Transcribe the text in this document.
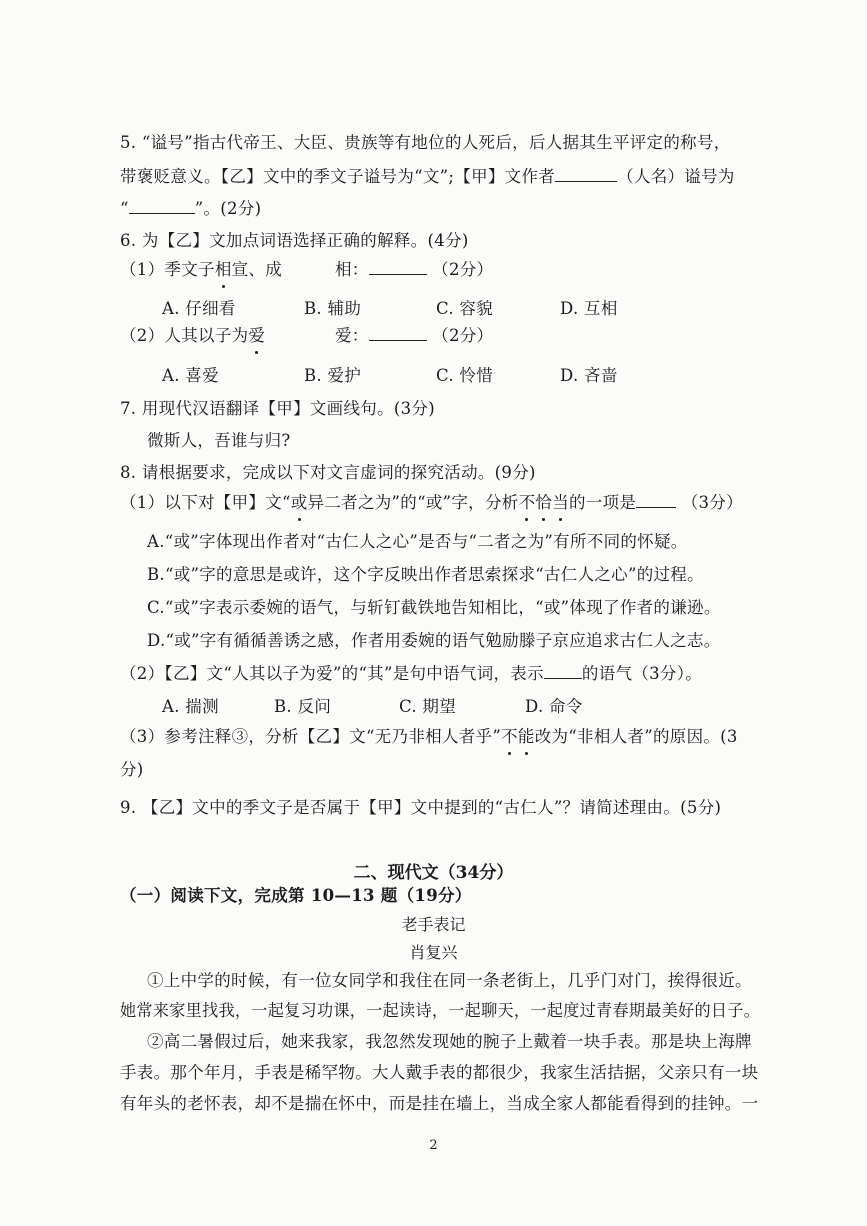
5. “谥号”指古代帝王、大臣、贵族等有地位的人死后，后人据其生平评定的称号，
带褒贬意义。【乙】文中的季文子谥号为“文”;【甲】文作者	（人名）谥号为
“	”。(2分)
6. 为【乙】文加点词语选择正确的解释。(4分)
（1）季文子相宣、成	相：	（2分）
A. 仔细看	B. 辅助	C. 容貌	D. 互相
（2）人其以子为爱	爱：	（2分）
A. 喜爱	B. 爱护	C. 怜惜	D. 吝啬
7. 用现代汉语翻译【甲】文画线句。(3分)
微斯人，吾谁与归?
8. 请根据要求，完成以下对文言虚词的探究活动。(9分)
（1）以下对【甲】文“或异二者之为”的“或”字，分析不恰当的一项是	（3分）
A.“或”字体现出作者对“古仁人之心”是否与“二者之为”有所不同的怀疑。
B.“或”字的意思是或许，这个字反映出作者思索探求“古仁人之心”的过程。
C.“或”字表示委婉的语气，与斩钉截铁地告知相比，“或”体现了作者的谦逊。
D.“或”字有循循善诱之感，作者用委婉的语气勉励滕子京应追求古仁人之志。
（2）【乙】文“人其以子为爱”的“其”是句中语气词，表示 的语气（3分）。
A. 揣测	B. 反问	C. 期望	D. 命令
（3）参考注释③，分析【乙】文“无乃非相人者乎”不能改为“非相人者”的原因。(3
分)
9. 【乙】文中的季文子是否属于【甲】文中提到的“古仁人”？请简述理由。(5分)
二、现代文（34分）
（一）阅读下文，完成第 10—13 题（19分）
老手表记
肖复兴
①上中学的时候，有一位女同学和我住在同一条老街上，几乎门对门，挨得很近。
她常来家里找我，一起复习功课，一起读诗，一起聊天，一起度过青春期最美好的日子。
②高二暑假过后，她来我家，我忽然发现她的腕子上戴着一块手表。那是块上海牌
手表。那个年月，手表是稀罕物。大人戴手表的都很少，我家生活拮据，父亲只有一块
有年头的老怀表，却不是揣在怀中，而是挂在墙上，当成全家人都能看得到的挂钟。一
2
